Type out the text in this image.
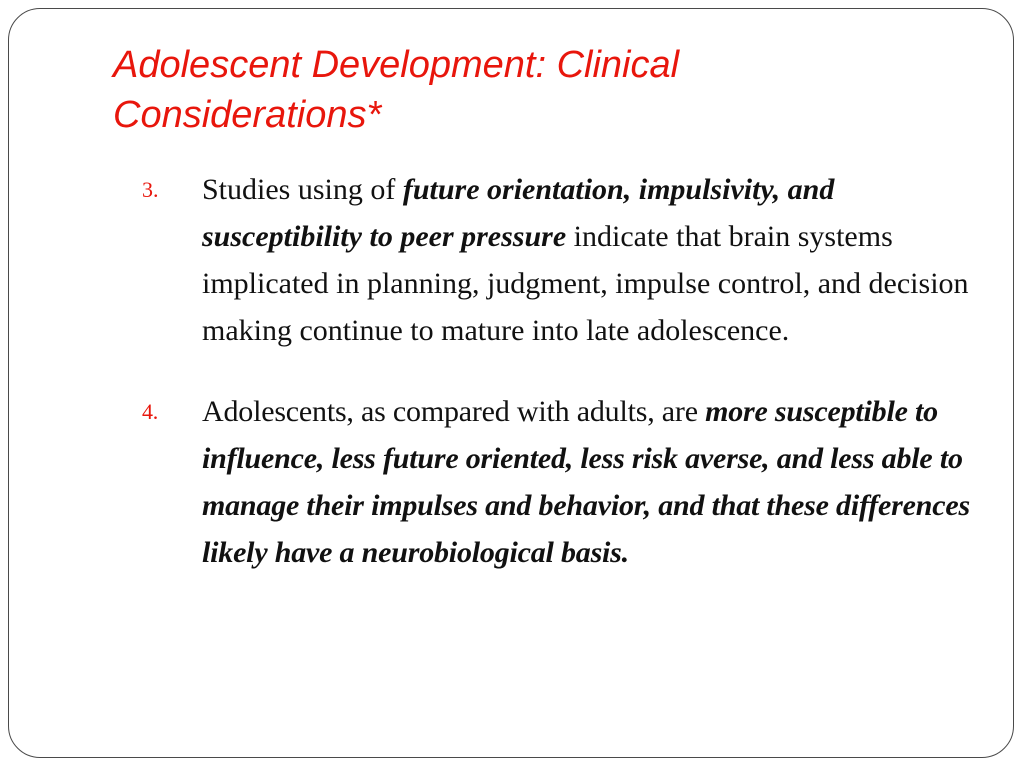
Adolescent Development: Clinical Considerations*
3. Studies using of future orientation, impulsivity, and susceptibility to peer pressure indicate that brain systems implicated in planning, judgment, impulse control, and decision making continue to mature into late adolescence.
4. Adolescents, as compared with adults, are more susceptible to influence, less future oriented, less risk averse, and less able to manage their impulses and behavior, and that these differences likely have a neurobiological basis.
